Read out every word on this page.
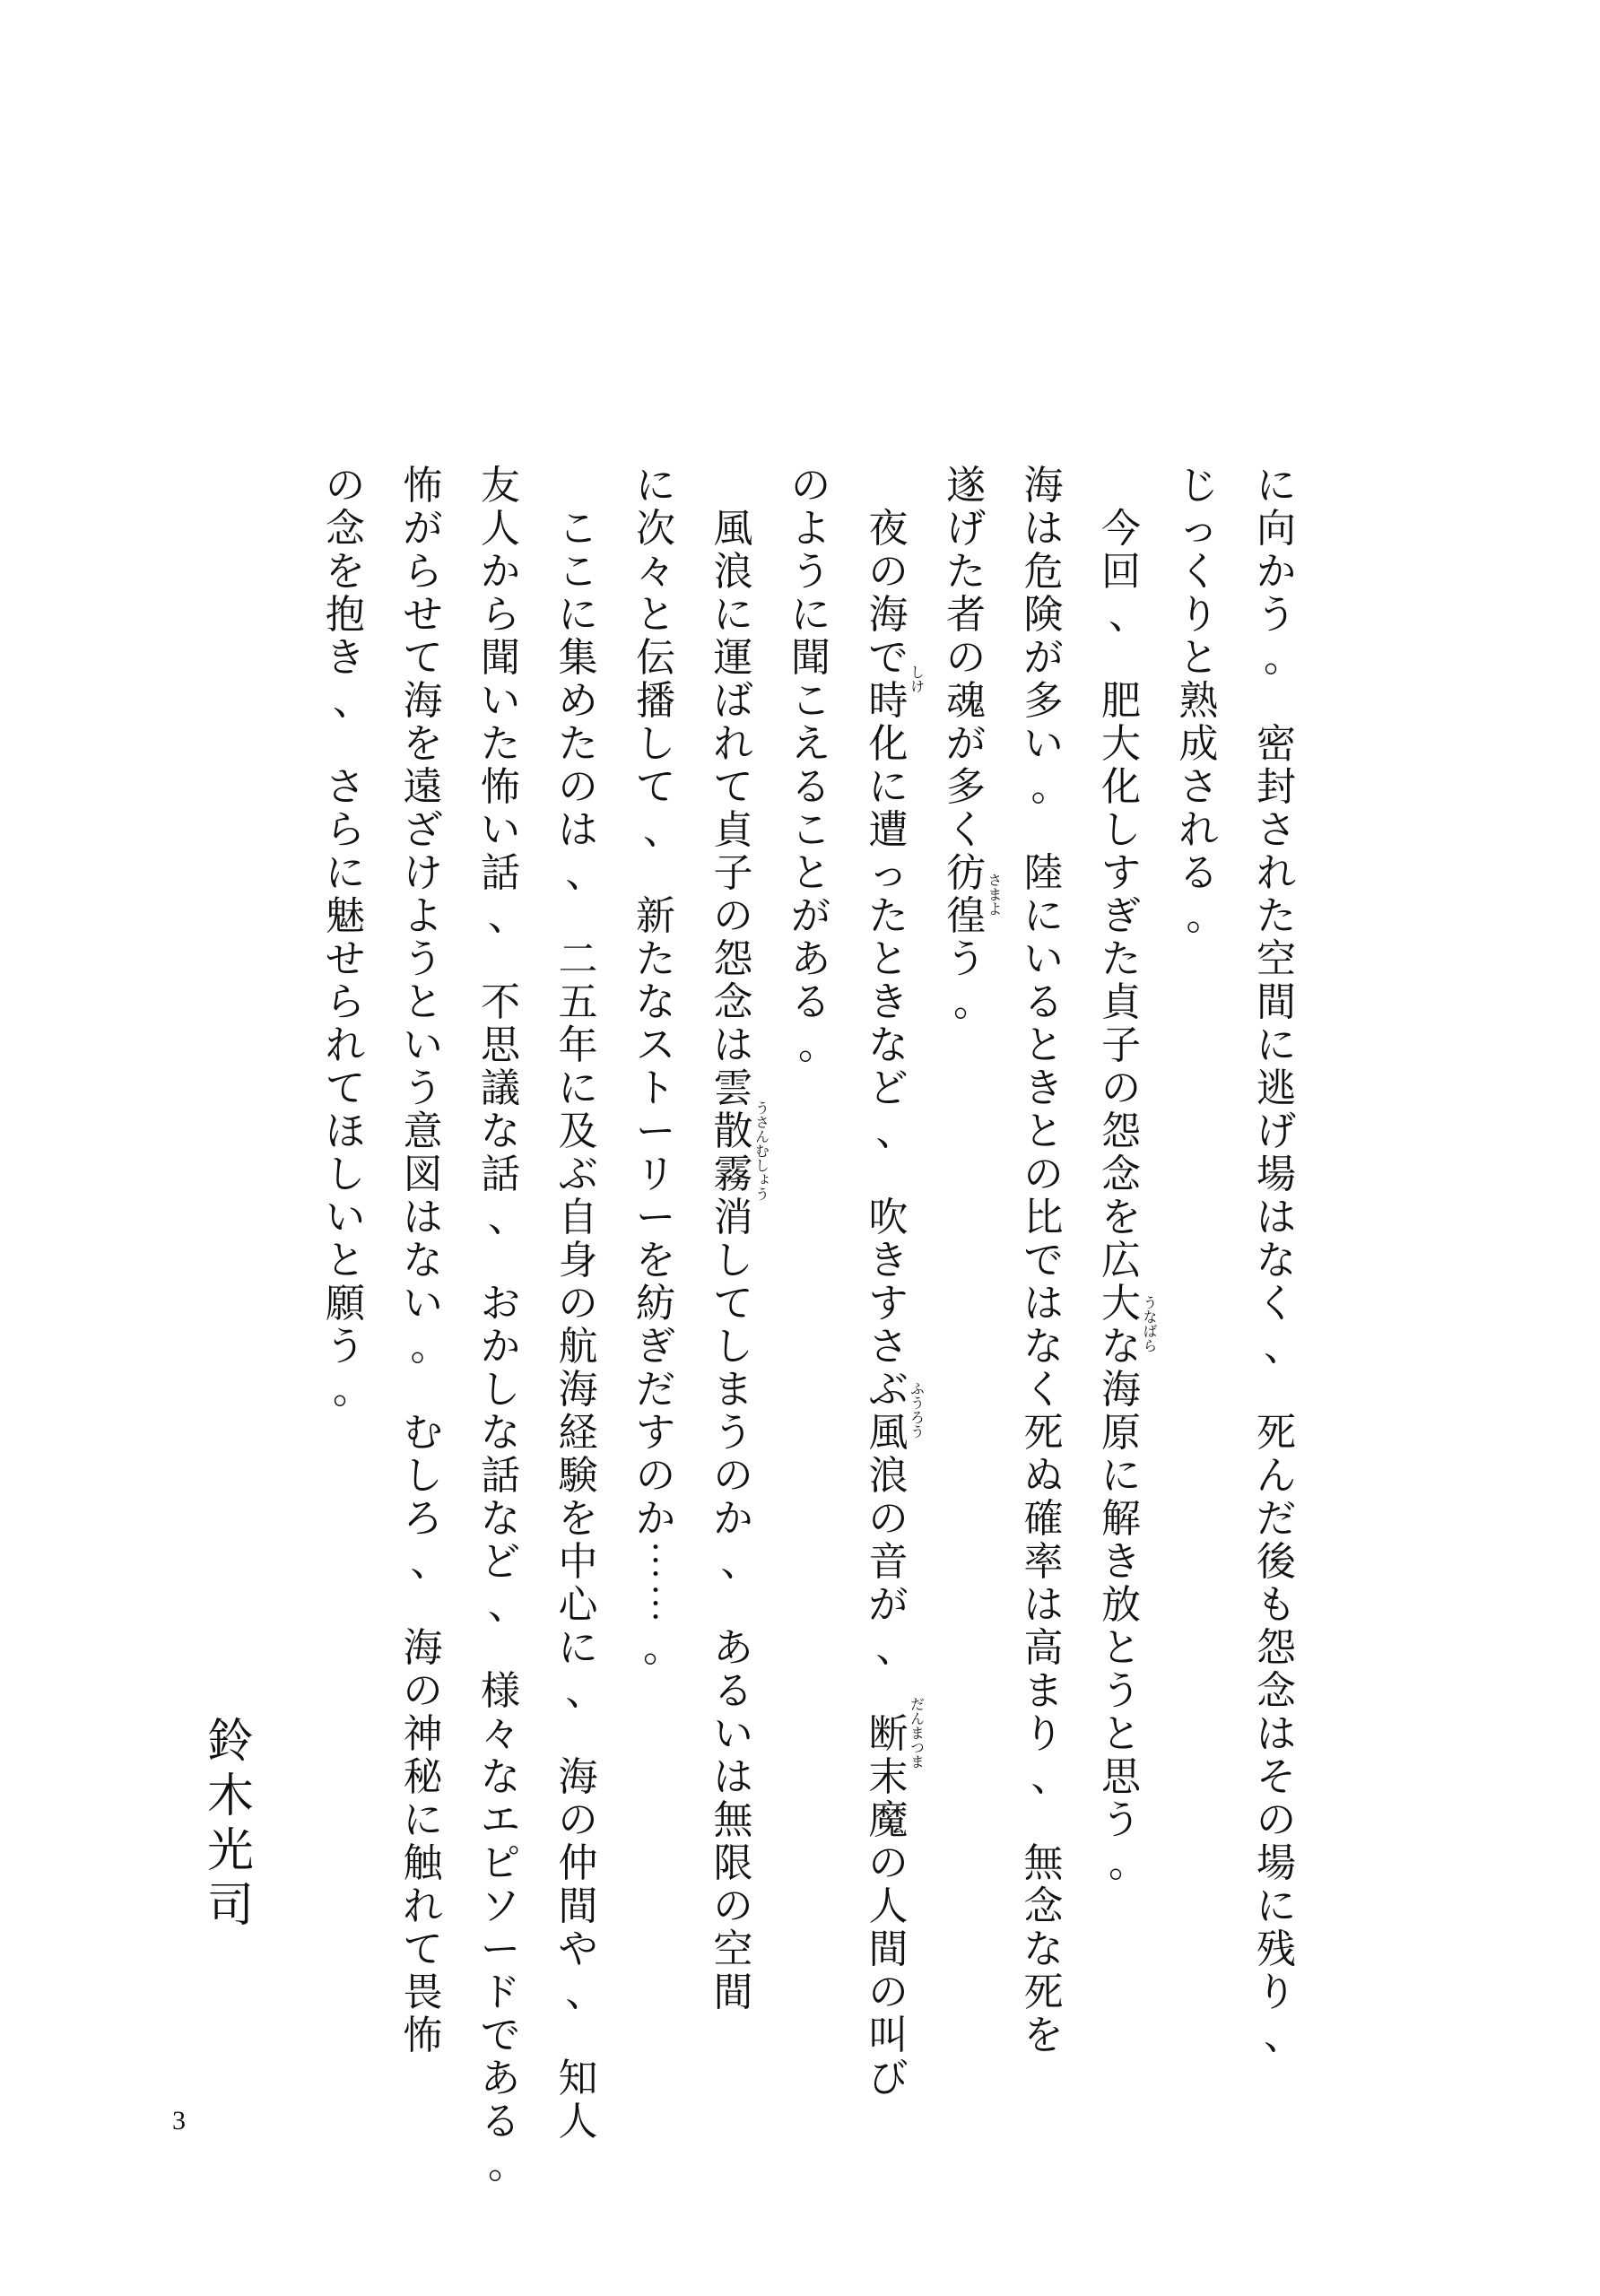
に
向
か
う
。

密
封
さ
れ
た
空
間
に
逃
げ
場
は
な
く
、

死
ん
だ
後
も
怨
念
は
そ
の
場
に
残
り
、
じ
っ
く
り
と
熟
成
さ
れ
る
。

今
回
、

肥
大
化
し
す
ぎ
た
貞
子
の
怨
念
を
広
大 うなばら
な
海
原
に
解
き
放
と
う
と
思
う
。
海
は
危
険
が
多
い
。

陸
に
い
る
と
き
と
の
比
で
は
な
く
死
ぬ
確
率
は
高
ま
り
、

無
念
な
死
を
遂
げ
た
者
の
魂
が
多
く
彷 さまよ
徨
う
。

夜
の
海
で しけ
時
化
に
遭
っ
た
と
き
な
ど
、

吹
き
す
さ
ぶ ふうろう
風
浪
の
音
が
、

だんまつま
断
末
魔
の
人
間
の
叫
び
の
よ
う
に
聞
こ
え
る
こ
と
が
あ
る
。

風
浪
に
運
ば
れ
て
貞
子
の
怨
念
は
雲
うさんむしょう
散
霧
消
し
て
し
ま
う
の
か
、

あ
る
い
は
無
限
の
空
間
に
次
々
と
伝
播
し
て
、

新
た
な
ス
ト
ー
リ
ー
を
紡
ぎ
だ
す
の
か
︙
︙
。

こ
こ
に
集
め
た
の
は
、

二
五
年
に
及
ぶ
自
身
の
航
海
経
験
を
中
心
に
、

海
の
仲
間
や
、

知
人
友
人
か
ら
聞
い
た
怖
い
話
、

不
思
議
な
話
、

お
か
し
な
話
な
ど
、

様
々
な
エ
ピ
ソ
ー
ド
で
あ
る
。
怖
が
ら
せ
て
海
を
遠
ざ
け
よ
う
と
い
う
意
図
は
な
い
。

む
し
ろ
、

海
の
神
秘
に
触
れ
て
畏
怖
の
念
を
抱
き
、

さ
ら
に
魅
せ
ら
れ
て
ほ
し
い
と
願
う
。
鈴
木
光
司
3
